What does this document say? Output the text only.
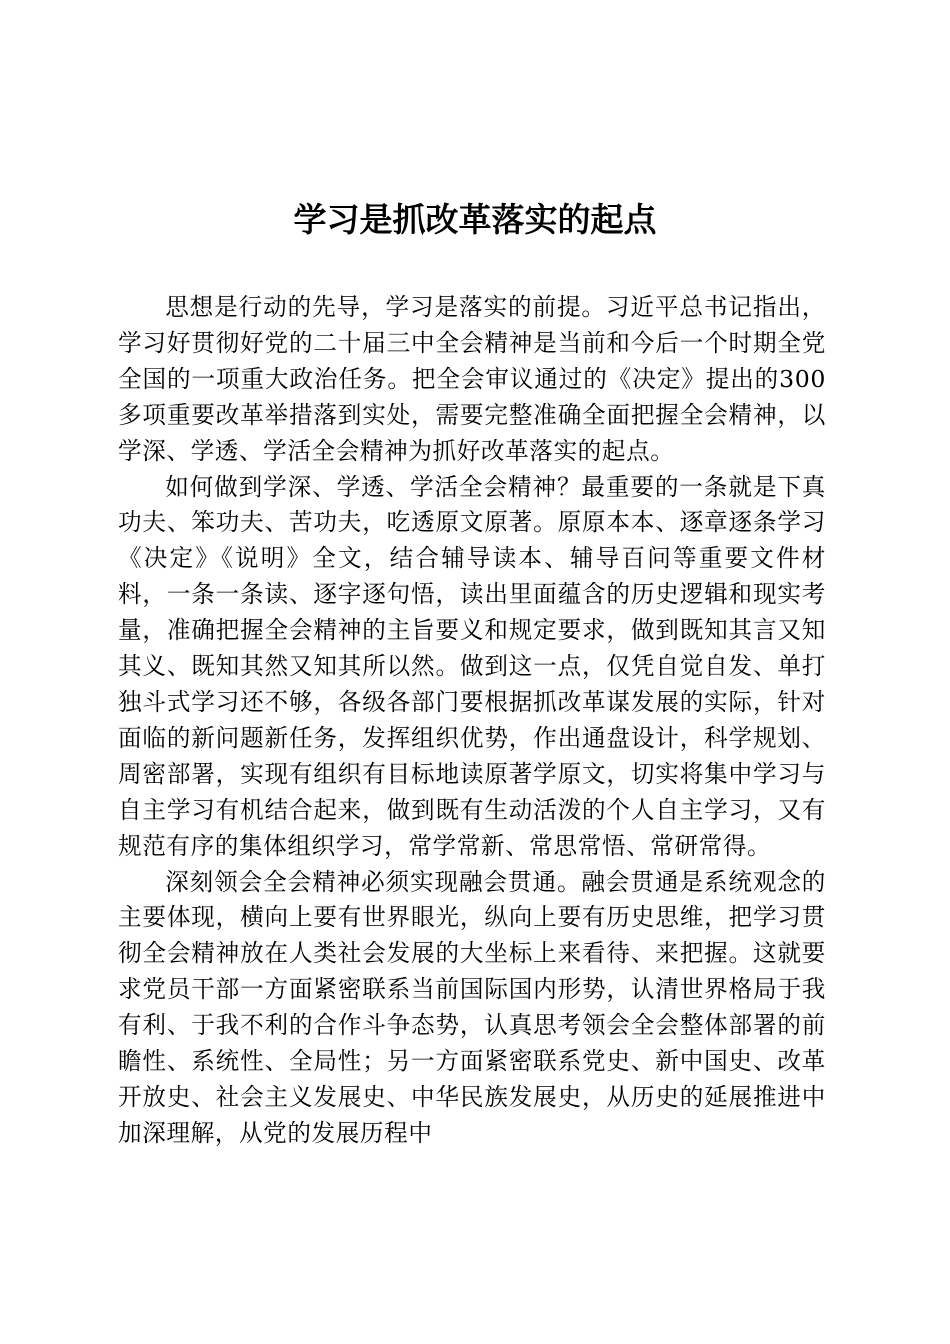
学习是抓改革落实的起点

思想是行动的先导，学习是落实的前提。习近平总书记指出，学习好贯彻好党的二十届三中全会精神是当前和今后一个时期全党全国的一项重大政治任务。把全会审议通过的《决定》提出的300多项重要改革举措落到实处，需要完整准确全面把握全会精神，以学深、学透、学活全会精神为抓好改革落实的起点。

如何做到学深、学透、学活全会精神？最重要的一条就是下真功夫、笨功夫、苦功夫，吃透原文原著。原原本本、逐章逐条学习《决定》《说明》全文，结合辅导读本、辅导百问等重要文件材料，一条一条读、逐字逐句悟，读出里面蕴含的历史逻辑和现实考量，准确把握全会精神的主旨要义和规定要求，做到既知其言又知其义、既知其然又知其所以然。做到这一点，仅凭自觉自发、单打独斗式学习还不够，各级各部门要根据抓改革谋发展的实际，针对面临的新问题新任务，发挥组织优势，作出通盘设计，科学规划、周密部署，实现有组织有目标地读原著学原文，切实将集中学习与自主学习有机结合起来，做到既有生动活泼的个人自主学习，又有规范有序的集体组织学习，常学常新、常思常悟、常研常得。

深刻领会全会精神必须实现融会贯通。融会贯通是系统观念的主要体现，横向上要有世界眼光，纵向上要有历史思维，把学习贯彻全会精神放在人类社会发展的大坐标上来看待、来把握。这就要求党员干部一方面紧密联系当前国际国内形势，认清世界格局于我有利、于我不利的合作斗争态势，认真思考领会全会整体部署的前瞻性、系统性、全局性；另一方面紧密联系党史、新中国史、改革开放史、社会主义发展史、中华民族发展史，从历史的延展推进中加深理解，从党的发展历程中
